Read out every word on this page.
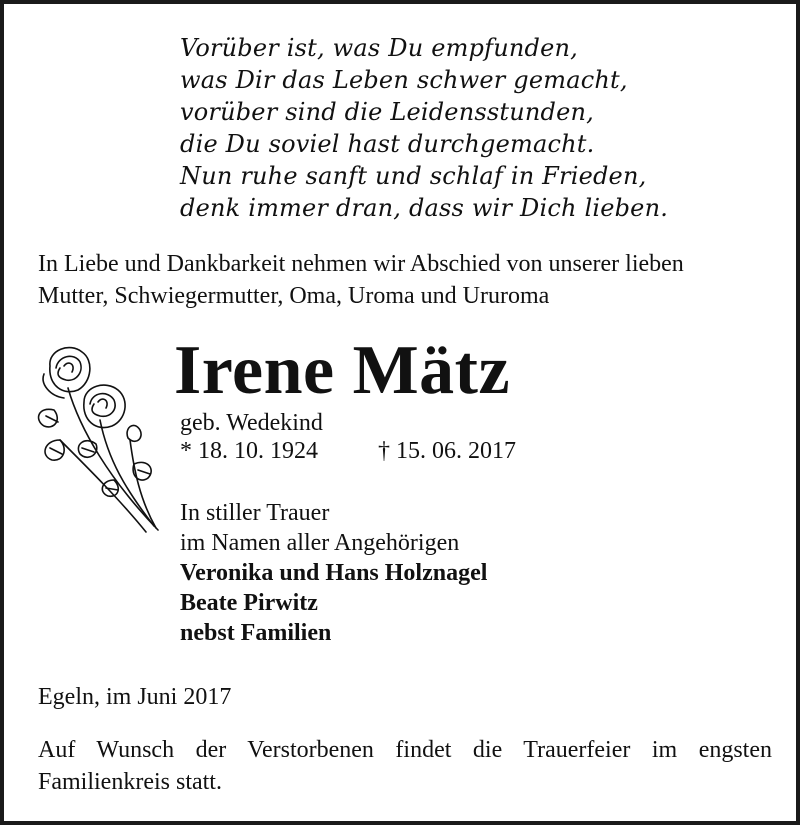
Vorüber ist, was Du empfunden,
was Dir das Leben schwer gemacht,
vorüber sind die Leidensstunden,
die Du soviel hast durchgemacht.
Nun ruhe sanft und schlaf in Frieden,
denk immer dran, dass wir Dich lieben.
In Liebe und Dankbarkeit nehmen wir Abschied von unserer lieben
Mutter, Schwiegermutter, Oma, Uroma und Ururoma
Irene Mätz
geb. Wedekind
* 18. 10. 1924	† 15. 06. 2017
In stiller Trauer
im Namen aller Angehörigen
Veronika und Hans Holznagel
Beate Pirwitz
nebst Familien
Egeln, im Juni 2017
Auf Wunsch der Verstorbenen findet die Trauerfeier im engsten
Familienkreis statt.
